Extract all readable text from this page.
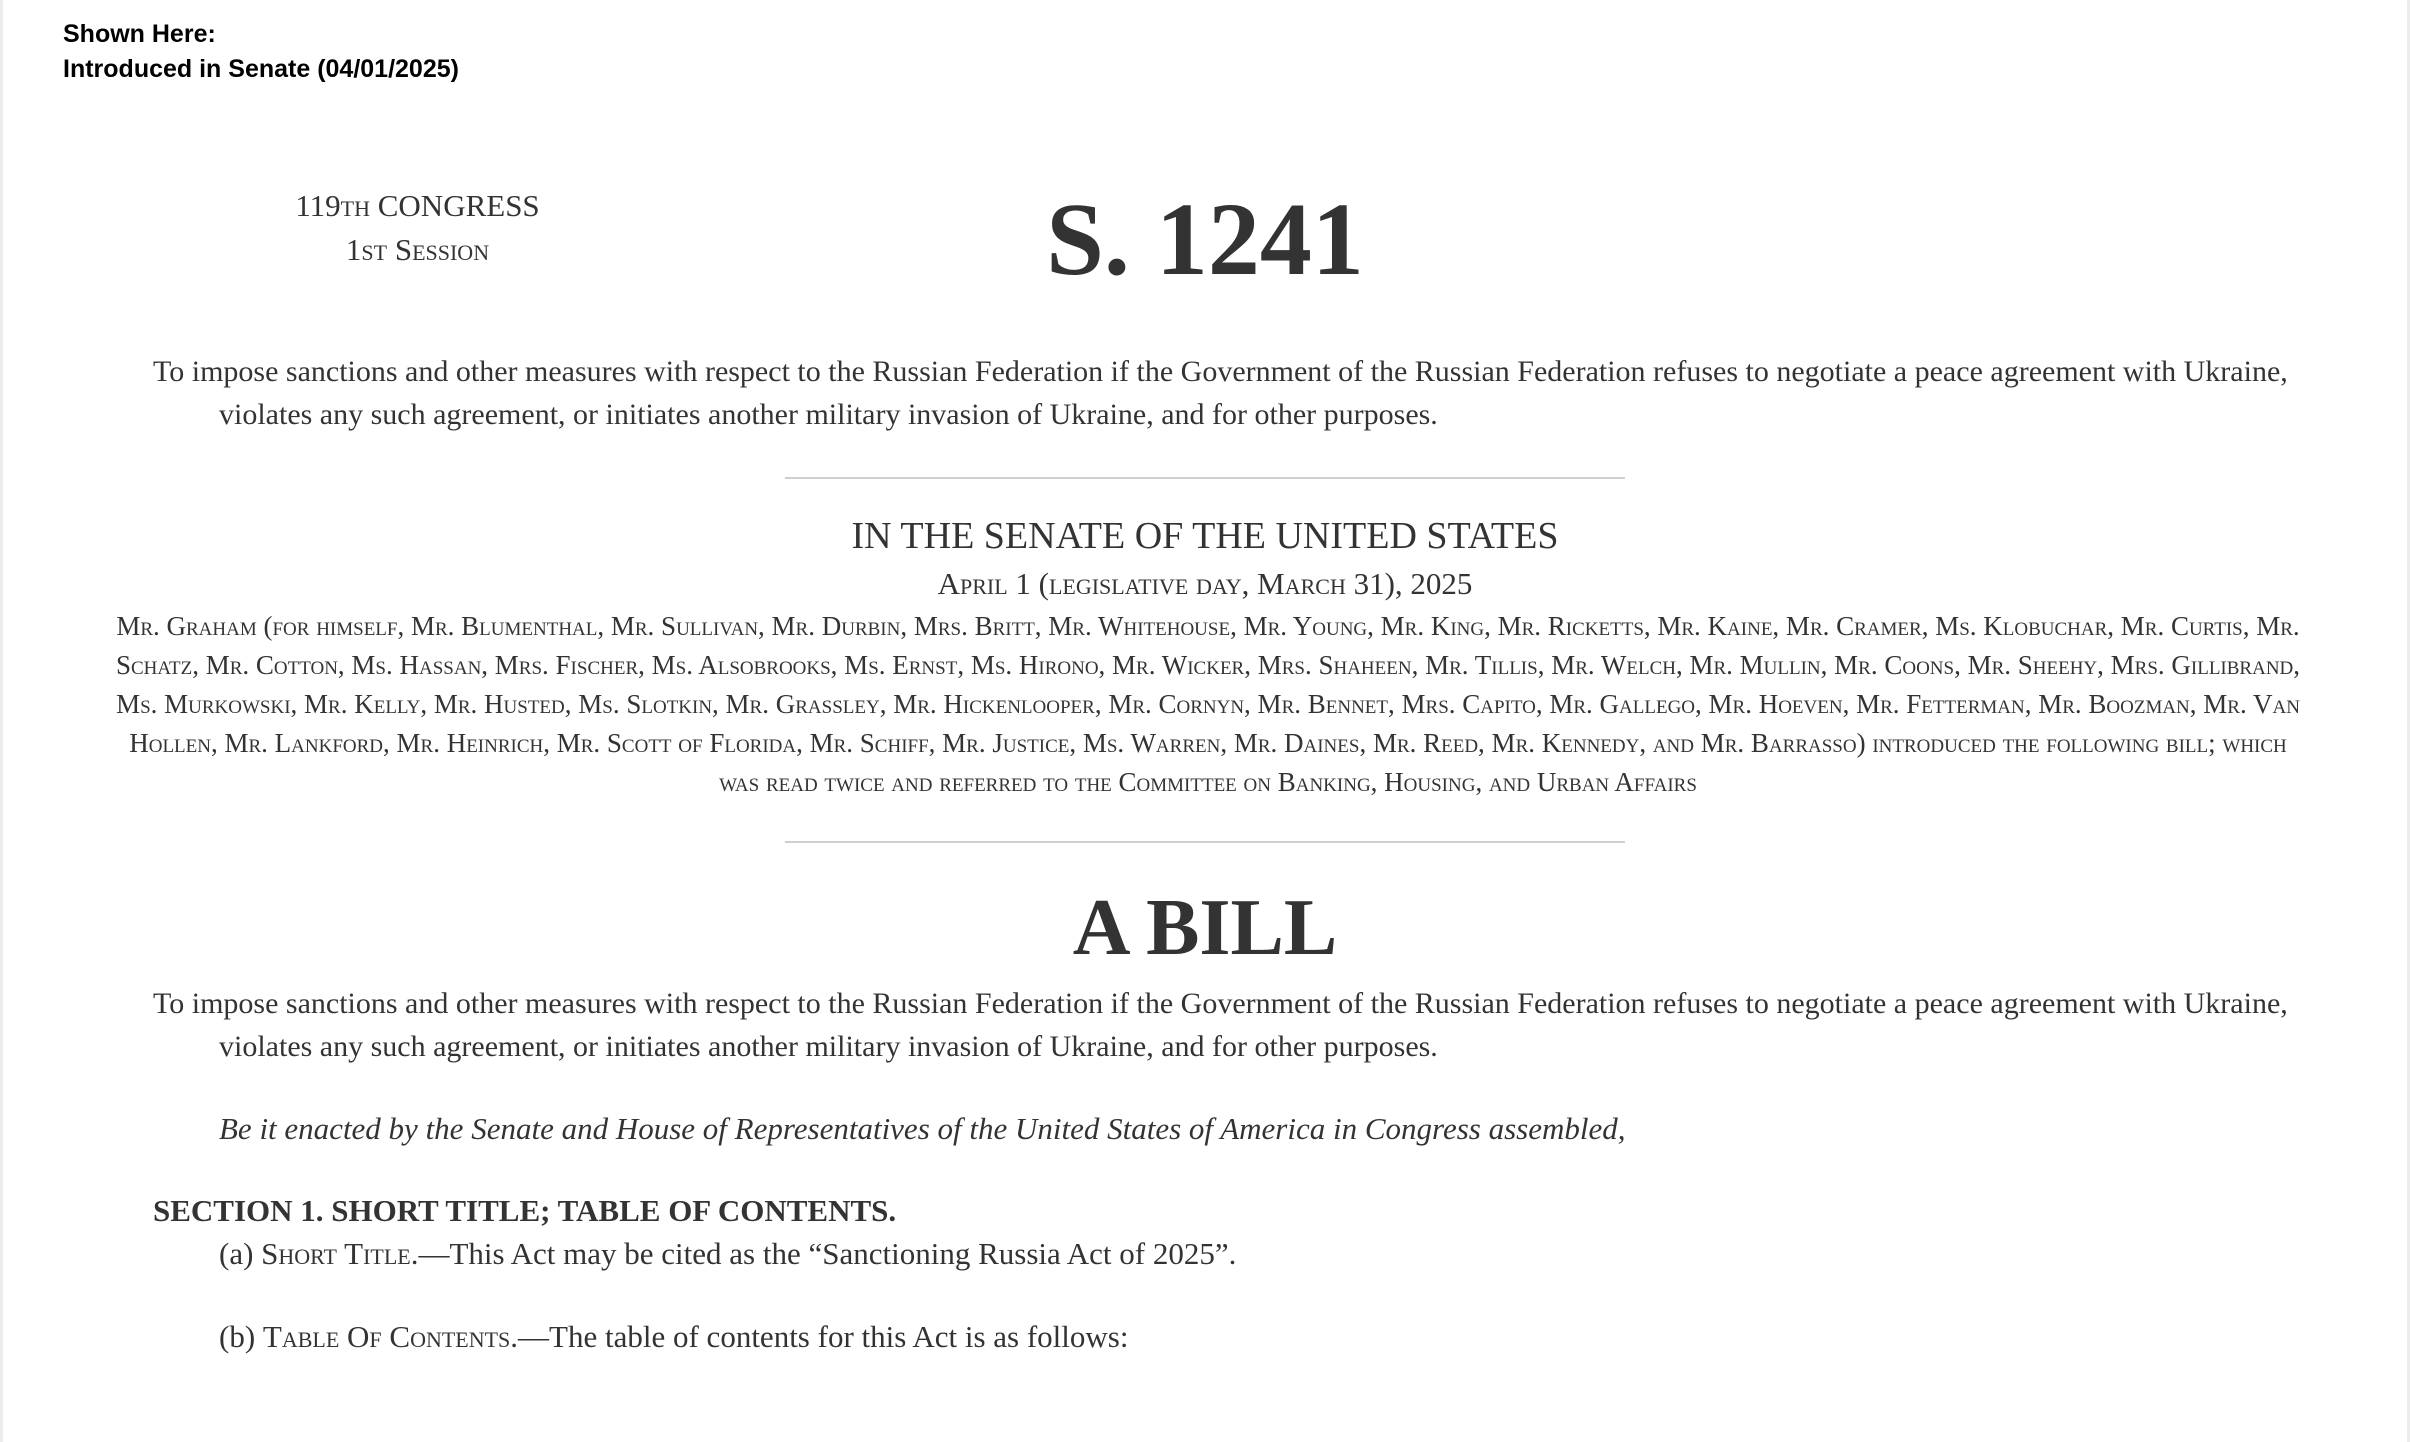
Shown Here:
Introduced in Senate (04/01/2025)
119th CONGRESS
1st Session	S. 1241
To impose sanctions and other measures with respect to the Russian Federation if the Government of the Russian Federation refuses to negotiate a peace agreement with Ukraine, violates any such agreement, or initiates another military invasion of Ukraine, and for other purposes.
IN THE SENATE OF THE UNITED STATES
April 1 (legislative day, March 31), 2025
Mr. Graham (for himself, Mr. Blumenthal, Mr. Sullivan, Mr. Durbin, Mrs. Britt, Mr. Whitehouse, Mr. Young, Mr. King, Mr. Ricketts, Mr. Kaine, Mr. Cramer, Ms. Klobuchar, Mr. Curtis, Mr. Schatz, Mr. Cotton, Ms. Hassan, Mrs. Fischer, Ms. Alsobrooks, Ms. Ernst, Ms. Hirono, Mr. Wicker, Mrs. Shaheen, Mr. Tillis, Mr. Welch, Mr. Mullin, Mr. Coons, Mr. Sheehy, Mrs. Gillibrand, Ms. Murkowski, Mr. Kelly, Mr. Husted, Ms. Slotkin, Mr. Grassley, Mr. Hickenlooper, Mr. Cornyn, Mr. Bennet, Mrs. Capito, Mr. Gallego, Mr. Hoeven, Mr. Fetterman, Mr. Boozman, Mr. Van Hollen, Mr. Lankford, Mr. Heinrich, Mr. Scott of Florida, Mr. Schiff, Mr. Justice, Ms. Warren, Mr. Daines, Mr. Reed, Mr. Kennedy, and Mr. Barrasso) introduced the following bill; which was read twice and referred to the Committee on Banking, Housing, and Urban Affairs
A BILL
To impose sanctions and other measures with respect to the Russian Federation if the Government of the Russian Federation refuses to negotiate a peace agreement with Ukraine, violates any such agreement, or initiates another military invasion of Ukraine, and for other purposes.
Be it enacted by the Senate and House of Representatives of the United States of America in Congress assembled,
SECTION 1. SHORT TITLE; TABLE OF CONTENTS.
(a) Short Title.—This Act may be cited as the “Sanctioning Russia Act of 2025”.
(b) Table Of Contents.—The table of contents for this Act is as follows:
